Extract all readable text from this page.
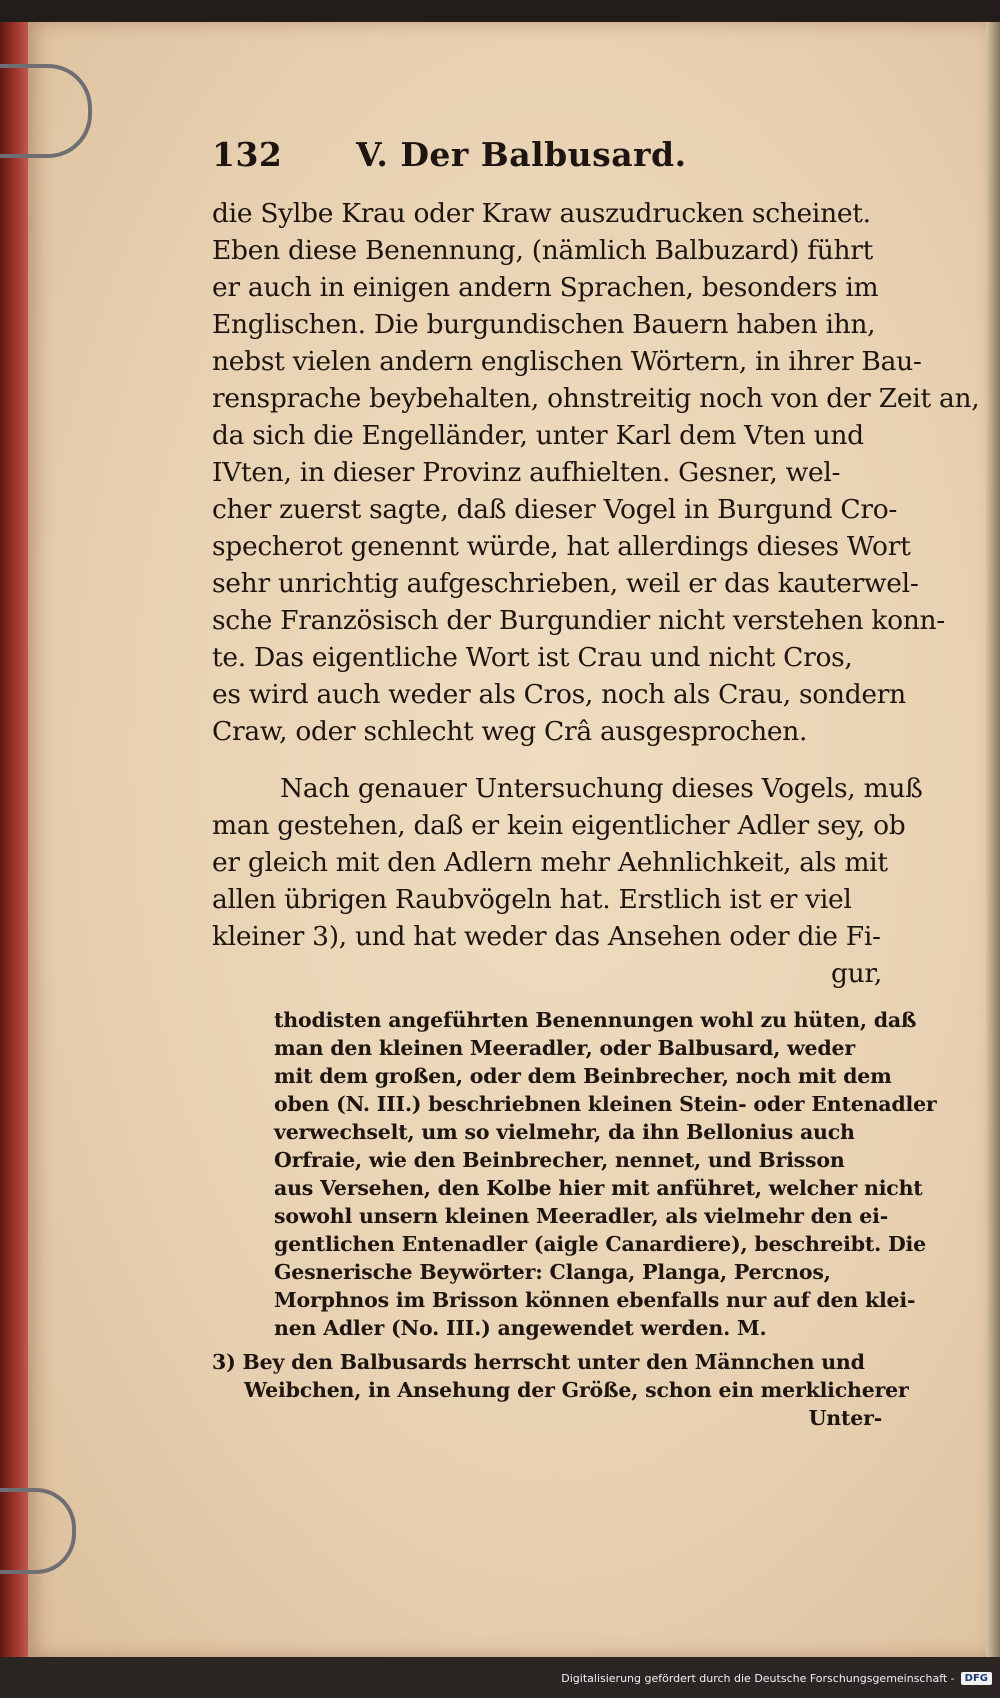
132	V. Der Balbusard.
die Sylbe Krau oder Kraw auszudrucken scheinet.
Eben diese Benennung, (nämlich Balbuzard) führt
er auch in einigen andern Sprachen, besonders im
Englischen. Die burgundischen Bauern haben ihn,
nebst vielen andern englischen Wörtern, in ihrer Bau-
rensprache beybehalten, ohnstreitig noch von der Zeit an,
da sich die Engelländer, unter Karl dem Vten und
IVten, in dieser Provinz aufhielten. Gesner, wel-
cher zuerst sagte, daß dieser Vogel in Burgund Cro-
specherot genennt würde, hat allerdings dieses Wort
sehr unrichtig aufgeschrieben, weil er das kauterwel-
sche Französisch der Burgundier nicht verstehen konn-
te. Das eigentliche Wort ist Crau und nicht Cros,
es wird auch weder als Cros, noch als Crau, sondern
Craw, oder schlecht weg Crâ ausgesprochen.
Nach genauer Untersuchung dieses Vogels, muß
man gestehen, daß er kein eigentlicher Adler sey, ob
er gleich mit den Adlern mehr Aehnlichkeit, als mit
allen übrigen Raubvögeln hat. Erstlich ist er viel
kleiner 3), und hat weder das Ansehen oder die Fi-
gur,
thodisten angeführten Benennungen wohl zu hüten, daß
man den kleinen Meeradler, oder Balbusard, weder
mit dem großen, oder dem Beinbrecher, noch mit dem
oben (N. III.) beschriebnen kleinen Stein- oder Entenadler
verwechselt, um so vielmehr, da ihn Bellonius auch
Orfraie, wie den Beinbrecher, nennet, und Brisson
aus Versehen, den Kolbe hier mit anführet, welcher nicht
sowohl unsern kleinen Meeradler, als vielmehr den ei-
gentlichen Entenadler (aigle Canardiere), beschreibt. Die
Gesnerische Beywörter: Clanga, Planga, Percnos,
Morphnos im Brisson können ebenfalls nur auf den klei-
nen Adler (No. III.) angewendet werden. M.
3) Bey den Balbusards herrscht unter den Männchen und
Weibchen, in Ansehung der Größe, schon ein merklicherer
Unter-
Digitalisierung gefördert durch die Deutsche Forschungsgemeinschaft -	DFG
